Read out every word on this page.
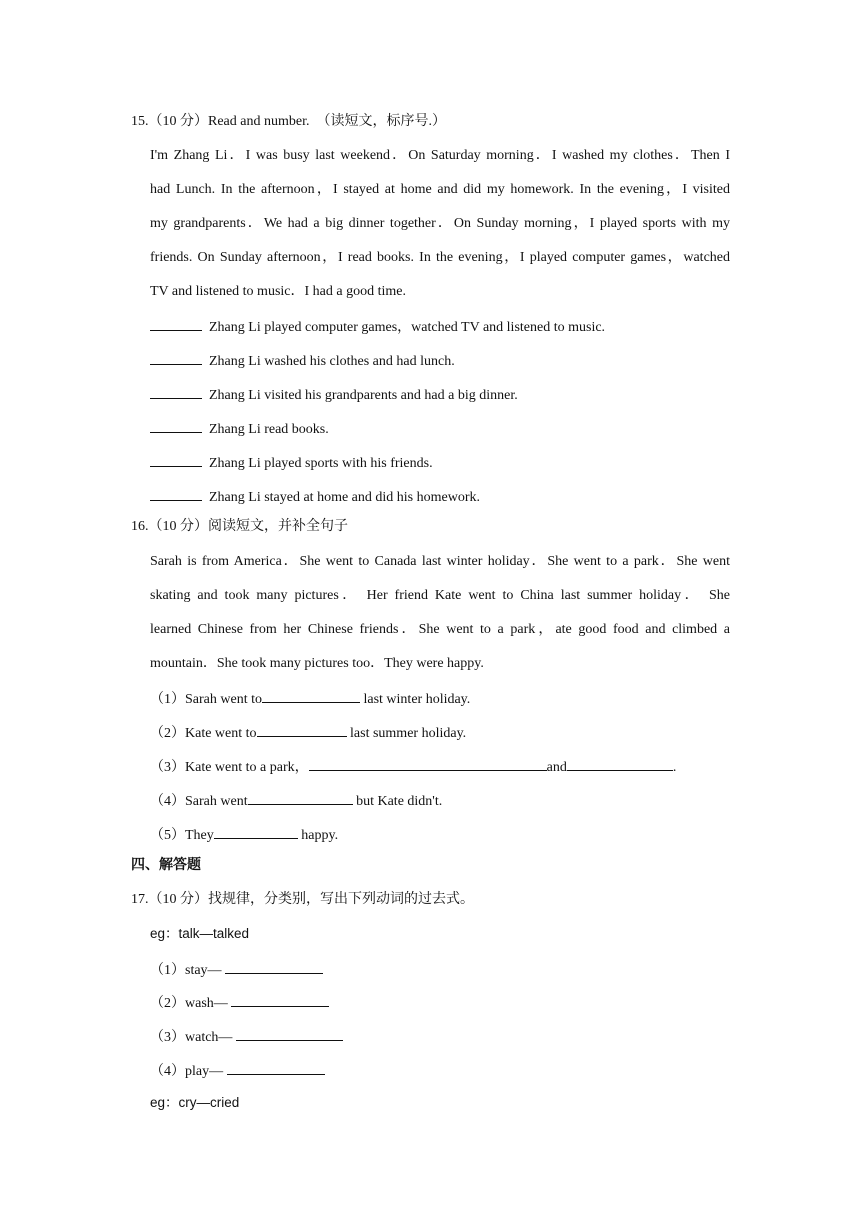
15.（10 分）Read and number.　（读短文，标序号.）
I'm Zhang Li．I was busy last weekend．On Saturday morning．I washed my clothes．Then I
had Lunch. In the afternoon，I stayed at home and did my homework. In the evening，I visited
my grandparents．We had a big dinner together．On Sunday morning，I played sports with my
friends. On Sunday afternoon，I read books. In the evening，I played computer games，watched
TV and listened to music．I had a good time.
Zhang Li played computer games，watched TV and listened to music.
Zhang Li washed his clothes and had lunch.
Zhang Li visited his grandparents and had a big dinner.
Zhang Li read books.
Zhang Li played sports with his friends.
Zhang Li stayed at home and did his homework.
16.（10 分）阅读短文，并补全句子
Sarah is from America．She went to Canada last winter holiday．She went to a park．She went
skating and took many pictures． Her friend Kate went to China last summer holiday． She
learned Chinese from her Chinese friends．She went to a park，ate good food and climbed a
mountain．She took many pictures too．They were happy.
（1）Sarah went to	last winter holiday.
（2）Kate went to	last summer holiday.
（3）Kate went to a park，	and	.
（4）Sarah went	but Kate didn't.
（5）They	happy.
四、解答题
17.（10 分）找规律，分类别，写出下列动词的过去式。
eg：talk—talked
（1）stay—
（2）wash—
（3）watch—
（4）play—
eg：cry—cried
